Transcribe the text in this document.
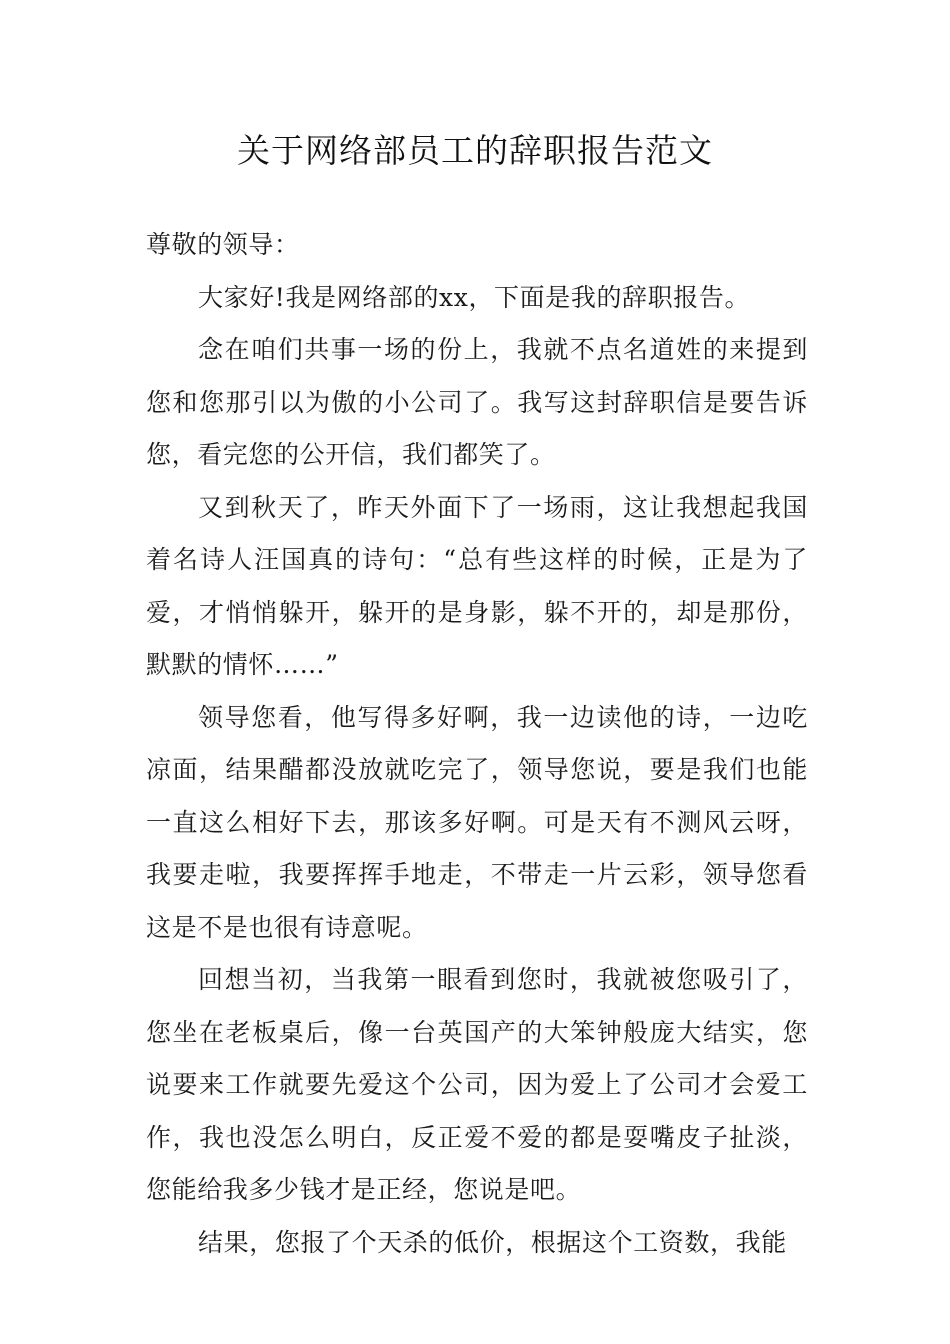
关于网络部员工的辞职报告范文

尊敬的领导：

大家好!我是网络部的xx，下面是我的辞职报告。

念在咱们共事一场的份上，我就不点名道姓的来提到您和您那引以为傲的小公司了。我写这封辞职信是要告诉您，看完您的公开信，我们都笑了。

又到秋天了，昨天外面下了一场雨，这让我想起我国着名诗人汪国真的诗句：“总有些这样的时候，正是为了爱，才悄悄躲开，躲开的是身影，躲不开的，却是那份，默默的情怀……”

领导您看，他写得多好啊，我一边读他的诗，一边吃凉面，结果醋都没放就吃完了，领导您说，要是我们也能一直这么相好下去，那该多好啊。可是天有不测风云呀，我要走啦，我要挥挥手地走，不带走一片云彩，领导您看这是不是也很有诗意呢。

回想当初，当我第一眼看到您时，我就被您吸引了，您坐在老板桌后，像一台英国产的大笨钟般庞大结实，您说要来工作就要先爱这个公司，因为爱上了公司才会爱工作，我也没怎么明白，反正爱不爱的都是耍嘴皮子扯淡，您能给我多少钱才是正经，您说是吧。

结果，您报了个天杀的低价，根据这个工资数，我能
